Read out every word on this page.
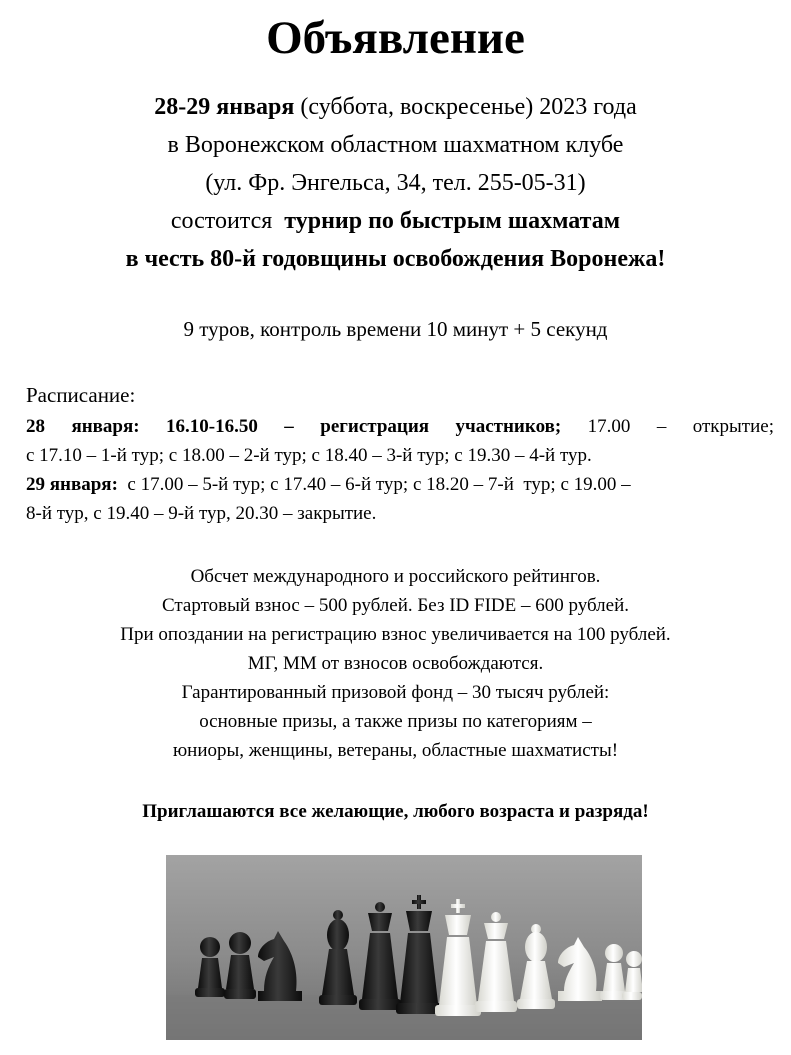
Объявление
28-29 января (суббота, воскресенье) 2023 года
в Воронежском областном шахматном клубе
(ул. Фр. Энгельса, 34, тел. 255-05-31)
состоится  турнир по быстрым шахматам
в честь 80-й годовщины освобождения Воронежа!
9 туров, контроль времени 10 минут + 5 секунд
Расписание:
28 января: 16.10-16.50 – регистрация участников; 17.00 – открытие;
с 17.10 – 1-й тур; с 18.00 – 2-й тур; с 18.40 – 3-й тур; с 19.30 – 4-й тур.
29 января:  с 17.00 – 5-й тур; с 17.40 – 6-й тур; с 18.20 – 7-й  тур; с 19.00 –
8-й тур, с 19.40 – 9-й тур, 20.30 – закрытие.
Обсчет международного и российского рейтингов.
Стартовый взнос – 500 рублей. Без ID FIDE – 600 рублей.
При опоздании на регистрацию взнос увеличивается на 100 рублей.
МГ, ММ от взносов освобождаются.
Гарантированный призовой фонд – 30 тысяч рублей:
основные призы, а также призы по категориям –
юниоры, женщины, ветераны, областные шахматисты!
Приглашаются все желающие, любого возраста и разряда!
